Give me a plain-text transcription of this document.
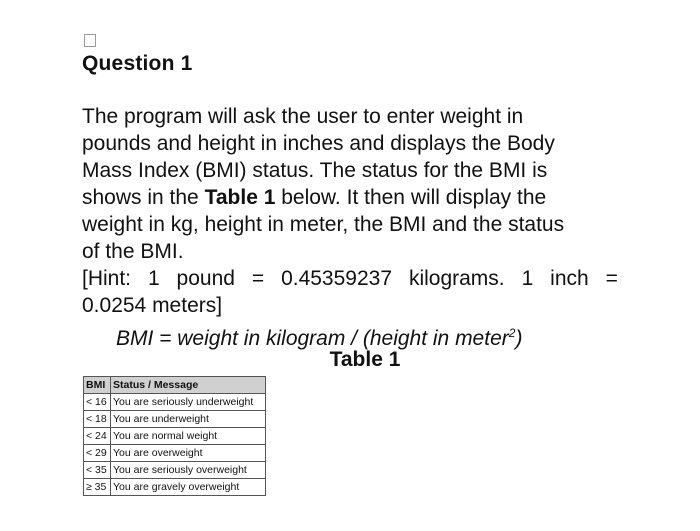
Question 1
The program will ask the user to enter weight in
pounds and height in inches and displays the Body
Mass Index (BMI) status. The status for the BMI is
shows in the Table 1 below. It then will display the
weight in kg, height in meter, the BMI and the status
of the BMI.
[Hint: 1 pound = 0.45359237 kilograms. 1 inch =
0.0254 meters]
BMI = weight in kilogram / (height in meter$^2$)
Table 1
BMI	Status / Message
< 16	You are seriously underweight
< 18	You are underweight
< 24	You are normal weight
< 29	You are overweight
< 35	You are seriously overweight
≥ 35	You are gravely overweight
